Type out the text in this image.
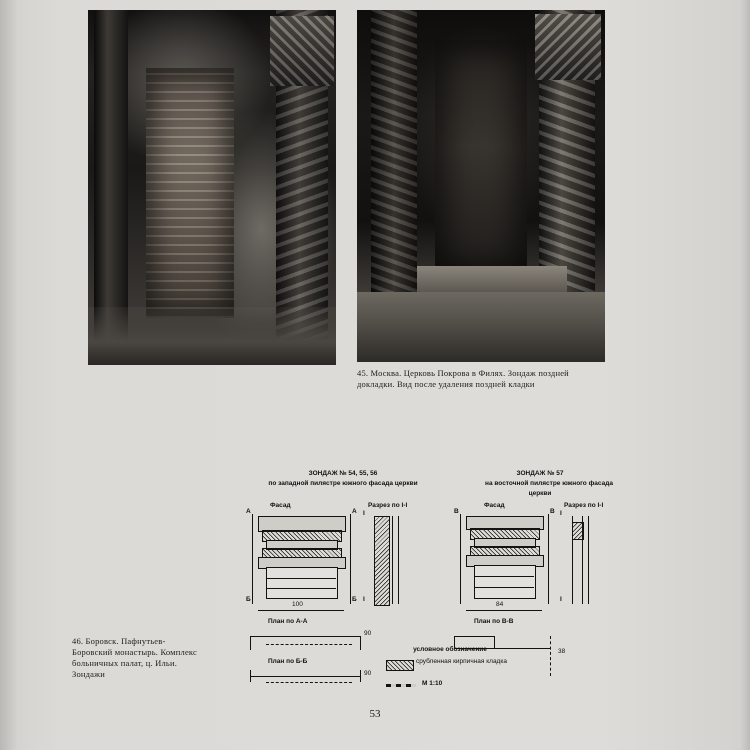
45. Москва. Церковь Покрова в Филях. Зондаж поздней докладки. Вид после удаления поздней кладки
46. Боровск. Пафнутьев-Боровский монастырь. Комплекс больничных палат, ц. Ильи. Зондажи
ЗОНДАЖ № 54, 55, 56
по западной пилястре южного фасада церкви
ЗОНДАЖ № 57
на восточной пилястре южного фасада
церкви
Фасад	Разрез по I-I	Фасад	Разрез по I-I
А	А
Б	Б
100
I
I
План по А-А
90
План по Б-Б
90
В	В
84
I
I
План по В-В
38
условное обозначение
срубленная кирпичная кладка
М 1:10
53
